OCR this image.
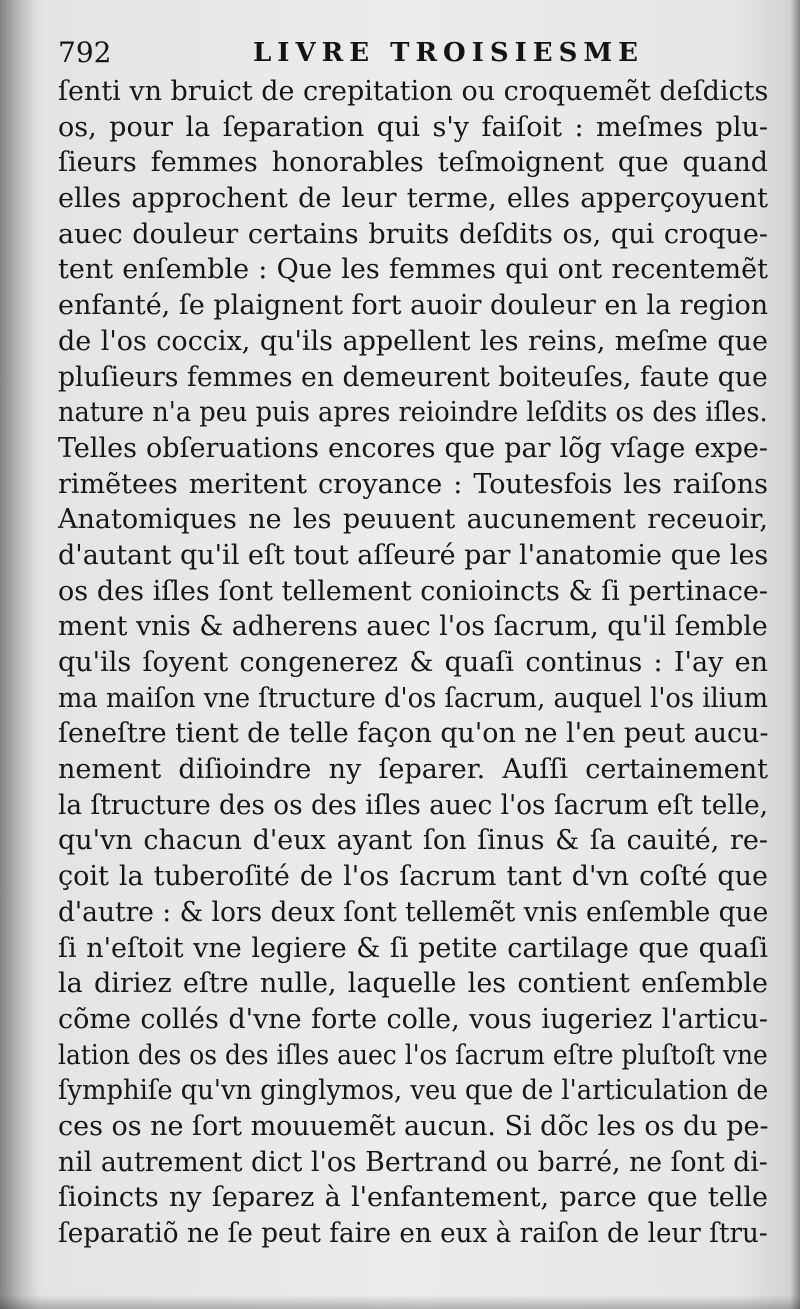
792	LIVRE TROISIESME
ſenti vn bruict de crepitation ou croquemẽt deſdicts
os, pour la ſeparation qui s'y faiſoit : meſmes plu-
ſieurs femmes honorables teſmoignent que quand
elles approchent de leur terme, elles apperçoyuent
auec douleur certains bruits deſdits os, qui croque-
tent enſemble : Que les femmes qui ont recentemẽt
enfanté, ſe plaignent fort auoir douleur en la region
de l'os coccix, qu'ils appellent les reins, meſme que
pluſieurs femmes en demeurent boiteuſes, faute que
nature n'a peu puis apres reioindre leſdits os des iſles.
Telles obſeruations encores que par lõg vſage expe-
rimẽtees meritent croyance : Toutesfois les raiſons
Anatomiques ne les peuuent aucunement receuoir,
d'autant qu'il eſt tout aſſeuré par l'anatomie que les
os des iſles ſont tellement conioincts & ſi pertinace-
ment vnis & adherens auec l'os ſacrum, qu'il ſemble
qu'ils ſoyent congenerez & quaſi continus : I'ay en
ma maiſon vne ſtructure d'os ſacrum, auquel l'os ilium
ſeneſtre tient de telle façon qu'on ne l'en peut aucu-
nement diſioindre ny ſeparer. Auſſi certainement
la ſtructure des os des iſles auec l'os ſacrum eſt telle,
qu'vn chacun d'eux ayant ſon ſinus & ſa cauité, re-
çoit la tuberoſité de l'os ſacrum tant d'vn coſté que
d'autre : & lors deux ſont tellemẽt vnis enſemble que
ſi n'eſtoit vne legiere & ſi petite cartilage que quaſi
la diriez eſtre nulle, laquelle les contient enſemble
cõme collés d'vne forte colle, vous iugeriez l'articu-
lation des os des iſles auec l'os ſacrum eſtre pluſtoſt vne
ſymphiſe qu'vn ginglymos, veu que de l'articulation de
ces os ne ſort mouuemẽt aucun. Si dõc les os du pe-
nil autrement dict l'os Bertrand ou barré, ne ſont di-
ſioincts ny ſeparez à l'enfantement, parce que telle
ſeparatiõ ne ſe peut faire en eux à raiſon de leur ſtru-
